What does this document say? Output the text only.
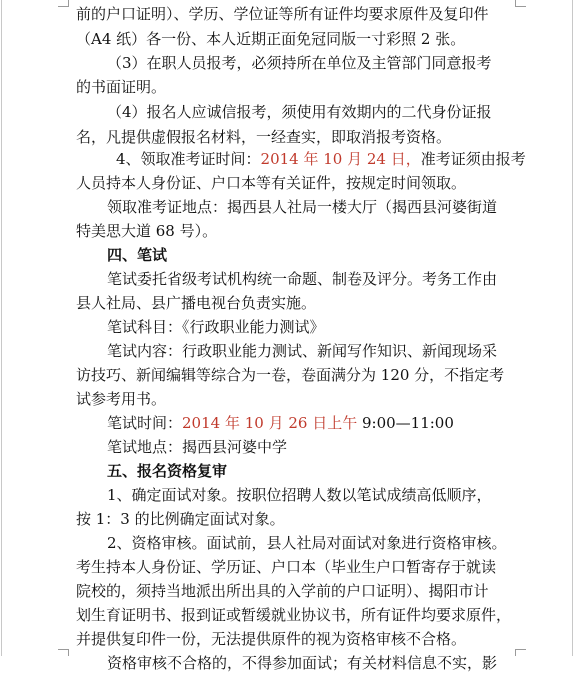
前的户口证明）、学历、学位证等所有证件均要求原件及复印件
（A4 纸）各一份、本人近期正面免冠同版一寸彩照 2 张。
（3）在职人员报考，必须持所在单位及主管部门同意报考
的书面证明。
（4）报名人应诚信报考，须使用有效期内的二代身份证报
名，凡提供虚假报名材料，一经查实，即取消报考资格。
4、领取准考证时间：2014 年 10 月 24 日，准考证须由报考
人员持本人身份证、户口本等有关证件，按规定时间领取。
领取准考证地点：揭西县人社局一楼大厅（揭西县河婆街道
特美思大道 68 号）。
四、笔试
笔试委托省级考试机构统一命题、制卷及评分。考务工作由
县人社局、县广播电视台负责实施。
笔试科目：《行政职业能力测试》
笔试内容：行政职业能力测试、新闻写作知识、新闻现场采
访技巧、新闻编辑等综合为一卷，卷面满分为 120 分，不指定考
试参考用书。
笔试时间：2014 年 10 月 26 日上午 9:00—11:00
笔试地点：揭西县河婆中学
五、报名资格复审
1、确定面试对象。按职位招聘人数以笔试成绩高低顺序，
按 1：3 的比例确定面试对象。
2、资格审核。面试前，县人社局对面试对象进行资格审核。
考生持本人身份证、学历证、户口本（毕业生户口暂寄存于就读
院校的，须持当地派出所出具的入学前的户口证明）、揭阳市计
划生育证明书、报到证或暂缓就业协议书，所有证件均要求原件，
并提供复印件一份，无法提供原件的视为资格审核不合格。
资格审核不合格的，不得参加面试；有关材料信息不实，影
